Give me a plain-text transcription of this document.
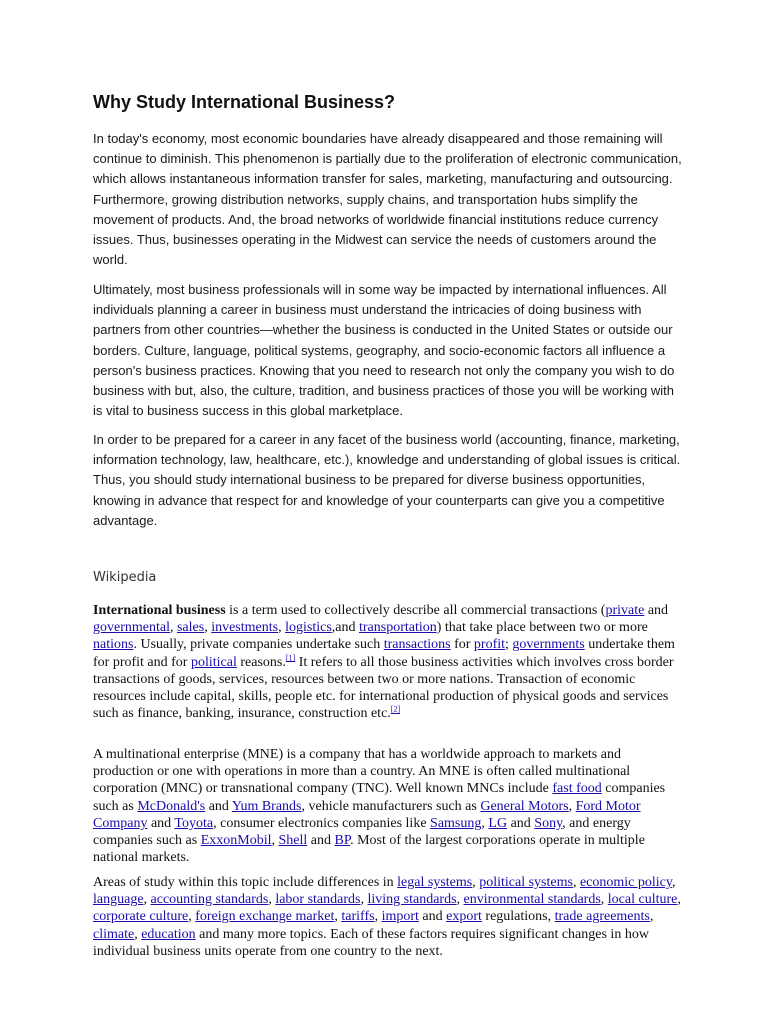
Why Study International Business?

In today's economy, most economic boundaries have already disappeared and those remaining will continue to diminish. This phenomenon is partially due to the proliferation of electronic communication, which allows instantaneous information transfer for sales, marketing, manufacturing and outsourcing. Furthermore, growing distribution networks, supply chains, and transportation hubs simplify the movement of products. And, the broad networks of worldwide financial institutions reduce currency issues. Thus, businesses operating in the Midwest can service the needs of customers around the world.

Ultimately, most business professionals will in some way be impacted by international influences. All individuals planning a career in business must understand the intricacies of doing business with partners from other countries—whether the business is conducted in the United States or outside our borders. Culture, language, political systems, geography, and socio-economic factors all influence a person's business practices. Knowing that you need to research not only the company you wish to do business with but, also, the culture, tradition, and business practices of those you will be working with is vital to business success in this global marketplace.

In order to be prepared for a career in any facet of the business world (accounting, finance, marketing, information technology, law, healthcare, etc.), knowledge and understanding of global issues is critical. Thus, you should study international business to be prepared for diverse business opportunities, knowing in advance that respect for and knowledge of your counterparts can give you a competitive advantage.

Wikipedia

International business is a term used to collectively describe all commercial transactions (private and governmental, sales, investments, logistics,and transportation) that take place between two or more nations. Usually, private companies undertake such transactions for profit; governments undertake them for profit and for political reasons.[1] It refers to all those business activities which involves cross border transactions of goods, services, resources between two or more nations. Transaction of economic resources include capital, skills, people etc. for international production of physical goods and services such as finance, banking, insurance, construction etc.[2]

A multinational enterprise (MNE) is a company that has a worldwide approach to markets and production or one with operations in more than a country. An MNE is often called multinational corporation (MNC) or transnational company (TNC). Well known MNCs include fast food companies such as McDonald's and Yum Brands, vehicle manufacturers such as General Motors, Ford Motor Company and Toyota, consumer electronics companies like Samsung, LG and Sony, and energy companies such as ExxonMobil, Shell and BP. Most of the largest corporations operate in multiple national markets.

Areas of study within this topic include differences in legal systems, political systems, economic policy, language, accounting standards, labor standards, living standards, environmental standards, local culture, corporate culture, foreign exchange market, tariffs, import and export regulations, trade agreements, climate, education and many more topics. Each of these factors requires significant changes in how individual business units operate from one country to the next.
